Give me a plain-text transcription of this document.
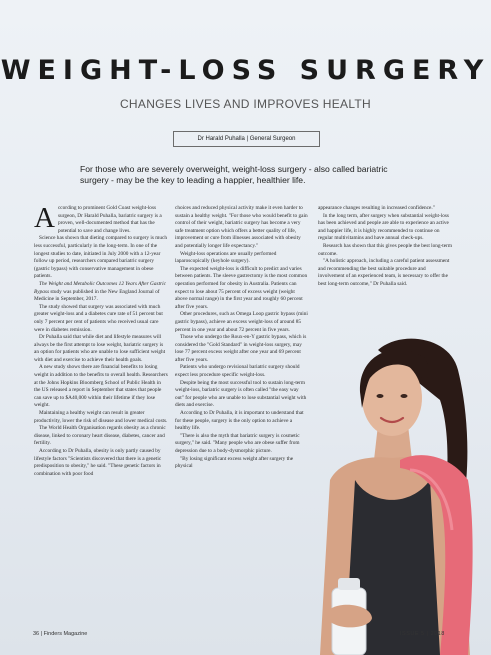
WEIGHT-LOSS SURGERY
CHANGES LIVES AND IMPROVES HEALTH
Dr Harald Puhalla | General Surgeon
For those who are severely overweight, weight-loss surgery - also called bariatric surgery - may be the key to leading a happier, healthier life.

According to prominent Gold Coast weight-loss surgeon, Dr Harald Puhalla, bariatric surgery is a proven, well-documented method that has the potential to save and change lives.

Science has shown that dieting compared to surgery is much less successful, particularly in the long-term. In one of the longest studies to date, initiated in July 2000 with a 12-year follow up period, researchers compared bariatric surgery (gastric bypass) with conservative management in obese patients.

The Weight and Metabolic Outcomes 12 Years After Gastric Bypass study was published in the New England Journal of Medicine in September, 2017.

The study showed that surgery was associated with much greater weight-loss and a diabetes cure rate of 51 percent but only 7 percent per cent of patients who received usual care were in diabetes remission.

Dr Puhalla said that while diet and lifestyle measures will always be the first attempt to lose weight, bariatric surgery is an option for patients who are unable to lose sufficient weight with diet and exercise to achieve their health goals.

A new study shows there are financial benefits to losing weight in addition to the benefits to overall health. Researchers at the Johns Hopkins Bloomberg School of Public Health in the US released a report in September that states that people can save up to $A40,000 within their lifetime if they lose weight.

Maintaining a healthy weight can result in greater productivity, lower the risk of disease and lower medical costs.

The World Health Organisation regards obesity as a chronic disease, linked to coronary heart disease, diabetes, cancer and fertility.

According to Dr Puhalla, obesity is only partly caused by lifestyle factors "Scientists discovered that there is a genetic predisposition to obesity," he said. "These genetic factors in combination with poor food

choices and reduced physical activity make it even harder to sustain a healthy weight. "For those who would benefit to gain control of their weight, bariatric surgery has become a very safe treatment option which offers a better quality of life, improvement or cure from illnesses associated with obesity and potentially longer life expectancy."

Weight-loss operations are usually performed laparoscopically (keyhole surgery).

The expected weight-loss is difficult to predict and varies between patients. The sleeve gastrectomy is the most common operation performed for obesity in Australia. Patients can expect to lose about 75 percent of excess weight (weight above normal range) in the first year and roughly 60 percent after five years.

Other procedures, such as Omega Loop gastric bypass (mini gastric bypass), achieve an excess weight-loss of around 85 percent in one year and about 72 percent in five years.

Those who undergo the Roux-en-Y gastric bypass, which is considered the "Gold Standard" in weight-loss surgery, may lose 77 percent excess weight after one year and 69 percent after five years.

Patients who undergo revisional bariatric surgery should expect less procedure specific weight-loss.

Despite being the most successful tool to sustain long-term weight-loss, bariatric surgery is often called "the easy way out" for people who are unable to lose substantial weight with diets and exercise.

According to Dr Puhalla, it is important to understand that for these people, surgery is the only option to achieve a healthy life.

"There is also the myth that bariatric surgery is cosmetic surgery," he said. "Many people who are obese suffer from depression due to a body-dysmorphic picture.

"By losing significant excess weight after surgery the physical

appearance changes resulting in increased confidence."

In the long term, after surgery when substantial weight-loss has been achieved and people are able to experience an active and happier life, it is highly recommended to continue on regular multivitamins and have annual check-ups.

Research has shown that this gives people the best long-term outcome.

"A holistic approach, including a careful patient assessment and recommending the best suitable procedure and involvement of an experienced team, is necessary to offer the best long-term outcome," Dr Puhalla said.

36 | Finders Magazine	ISSUE 5 | 2018
